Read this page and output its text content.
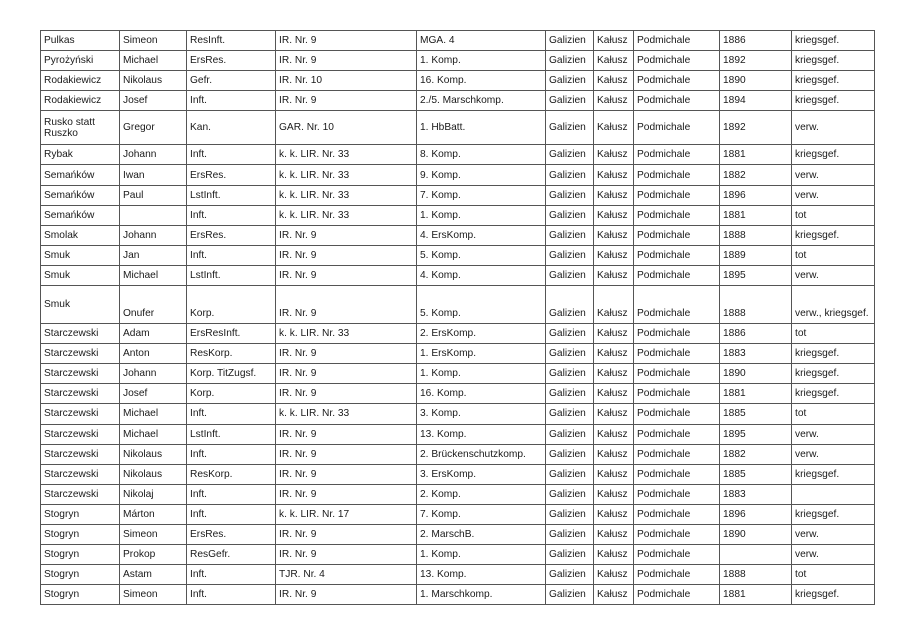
Pulkas	Simeon	ResInft.	IR. Nr. 9	MGA. 4	Galizien	Kałusz	Podmichale	1886	kriegsgef.
Pyrożyński	Michael	ErsRes.	IR. Nr. 9	1. Komp.	Galizien	Kałusz	Podmichale	1892	kriegsgef.
Rodakiewicz	Nikolaus	Gefr.	IR. Nr. 10	16. Komp.	Galizien	Kałusz	Podmichale	1890	kriegsgef.
Rodakiewicz	Josef	Inft.	IR. Nr. 9	2./5. Marschkomp.	Galizien	Kałusz	Podmichale	1894	kriegsgef.
Rusko statt Ruszko	Gregor	Kan.	GAR. Nr. 10	1. HbBatt.	Galizien	Kałusz	Podmichale	1892	verw.
Rybak	Johann	Inft.	k. k. LIR. Nr. 33	8. Komp.	Galizien	Kałusz	Podmichale	1881	kriegsgef.
Semańków	Iwan	ErsRes.	k. k. LIR. Nr. 33	9. Komp.	Galizien	Kałusz	Podmichale	1882	verw.
Semańków	Paul	LstInft.	k. k. LIR. Nr. 33	7. Komp.	Galizien	Kałusz	Podmichale	1896	verw.
Semańków		Inft.	k. k. LIR. Nr. 33	1. Komp.	Galizien	Kałusz	Podmichale	1881	tot
Smolak	Johann	ErsRes.	IR. Nr. 9	4. ErsKomp.	Galizien	Kałusz	Podmichale	1888	kriegsgef.
Smuk	Jan	Inft.	IR. Nr. 9	5. Komp.	Galizien	Kałusz	Podmichale	1889	tot
Smuk	Michael	LstInft.	IR. Nr. 9	4. Komp.	Galizien	Kałusz	Podmichale	1895	verw.
Smuk	Onufer	Korp.	IR. Nr. 9	5. Komp.	Galizien	Kałusz	Podmichale	1888	verw., kriegsgef.
Starczewski	Adam	ErsResInft.	k. k. LIR. Nr. 33	2. ErsKomp.	Galizien	Kałusz	Podmichale	1886	tot
Starczewski	Anton	ResKorp.	IR. Nr. 9	1. ErsKomp.	Galizien	Kałusz	Podmichale	1883	kriegsgef.
Starczewski	Johann	Korp. TitZugsf.	IR. Nr. 9	1. Komp.	Galizien	Kałusz	Podmichale	1890	kriegsgef.
Starczewski	Josef	Korp.	IR. Nr. 9	16. Komp.	Galizien	Kałusz	Podmichale	1881	kriegsgef.
Starczewski	Michael	Inft.	k. k. LIR. Nr. 33	3. Komp.	Galizien	Kałusz	Podmichale	1885	tot
Starczewski	Michael	LstInft.	IR. Nr. 9	13. Komp.	Galizien	Kałusz	Podmichale	1895	verw.
Starczewski	Nikolaus	Inft.	IR. Nr. 9	2. Brückenschutzkomp.	Galizien	Kałusz	Podmichale	1882	verw.
Starczewski	Nikolaus	ResKorp.	IR. Nr. 9	3. ErsKomp.	Galizien	Kałusz	Podmichale	1885	kriegsgef.
Starczewski	Nikolaj	Inft.	IR. Nr. 9	2. Komp.	Galizien	Kałusz	Podmichale	1883	
Stogryn	Márton	Inft.	k. k. LIR. Nr. 17	7. Komp.	Galizien	Kałusz	Podmichale	1896	kriegsgef.
Stogryn	Simeon	ErsRes.	IR. Nr. 9	2. MarschB.	Galizien	Kałusz	Podmichale	1890	verw.
Stogryn	Prokop	ResGefr.	IR. Nr. 9	1. Komp.	Galizien	Kałusz	Podmichale		verw.
Stogryn	Astam	Inft.	TJR. Nr. 4	13. Komp.	Galizien	Kałusz	Podmichale	1888	tot
Stogryn	Simeon	Inft.	IR. Nr. 9	1. Marschkomp.	Galizien	Kałusz	Podmichale	1881	kriegsgef.
